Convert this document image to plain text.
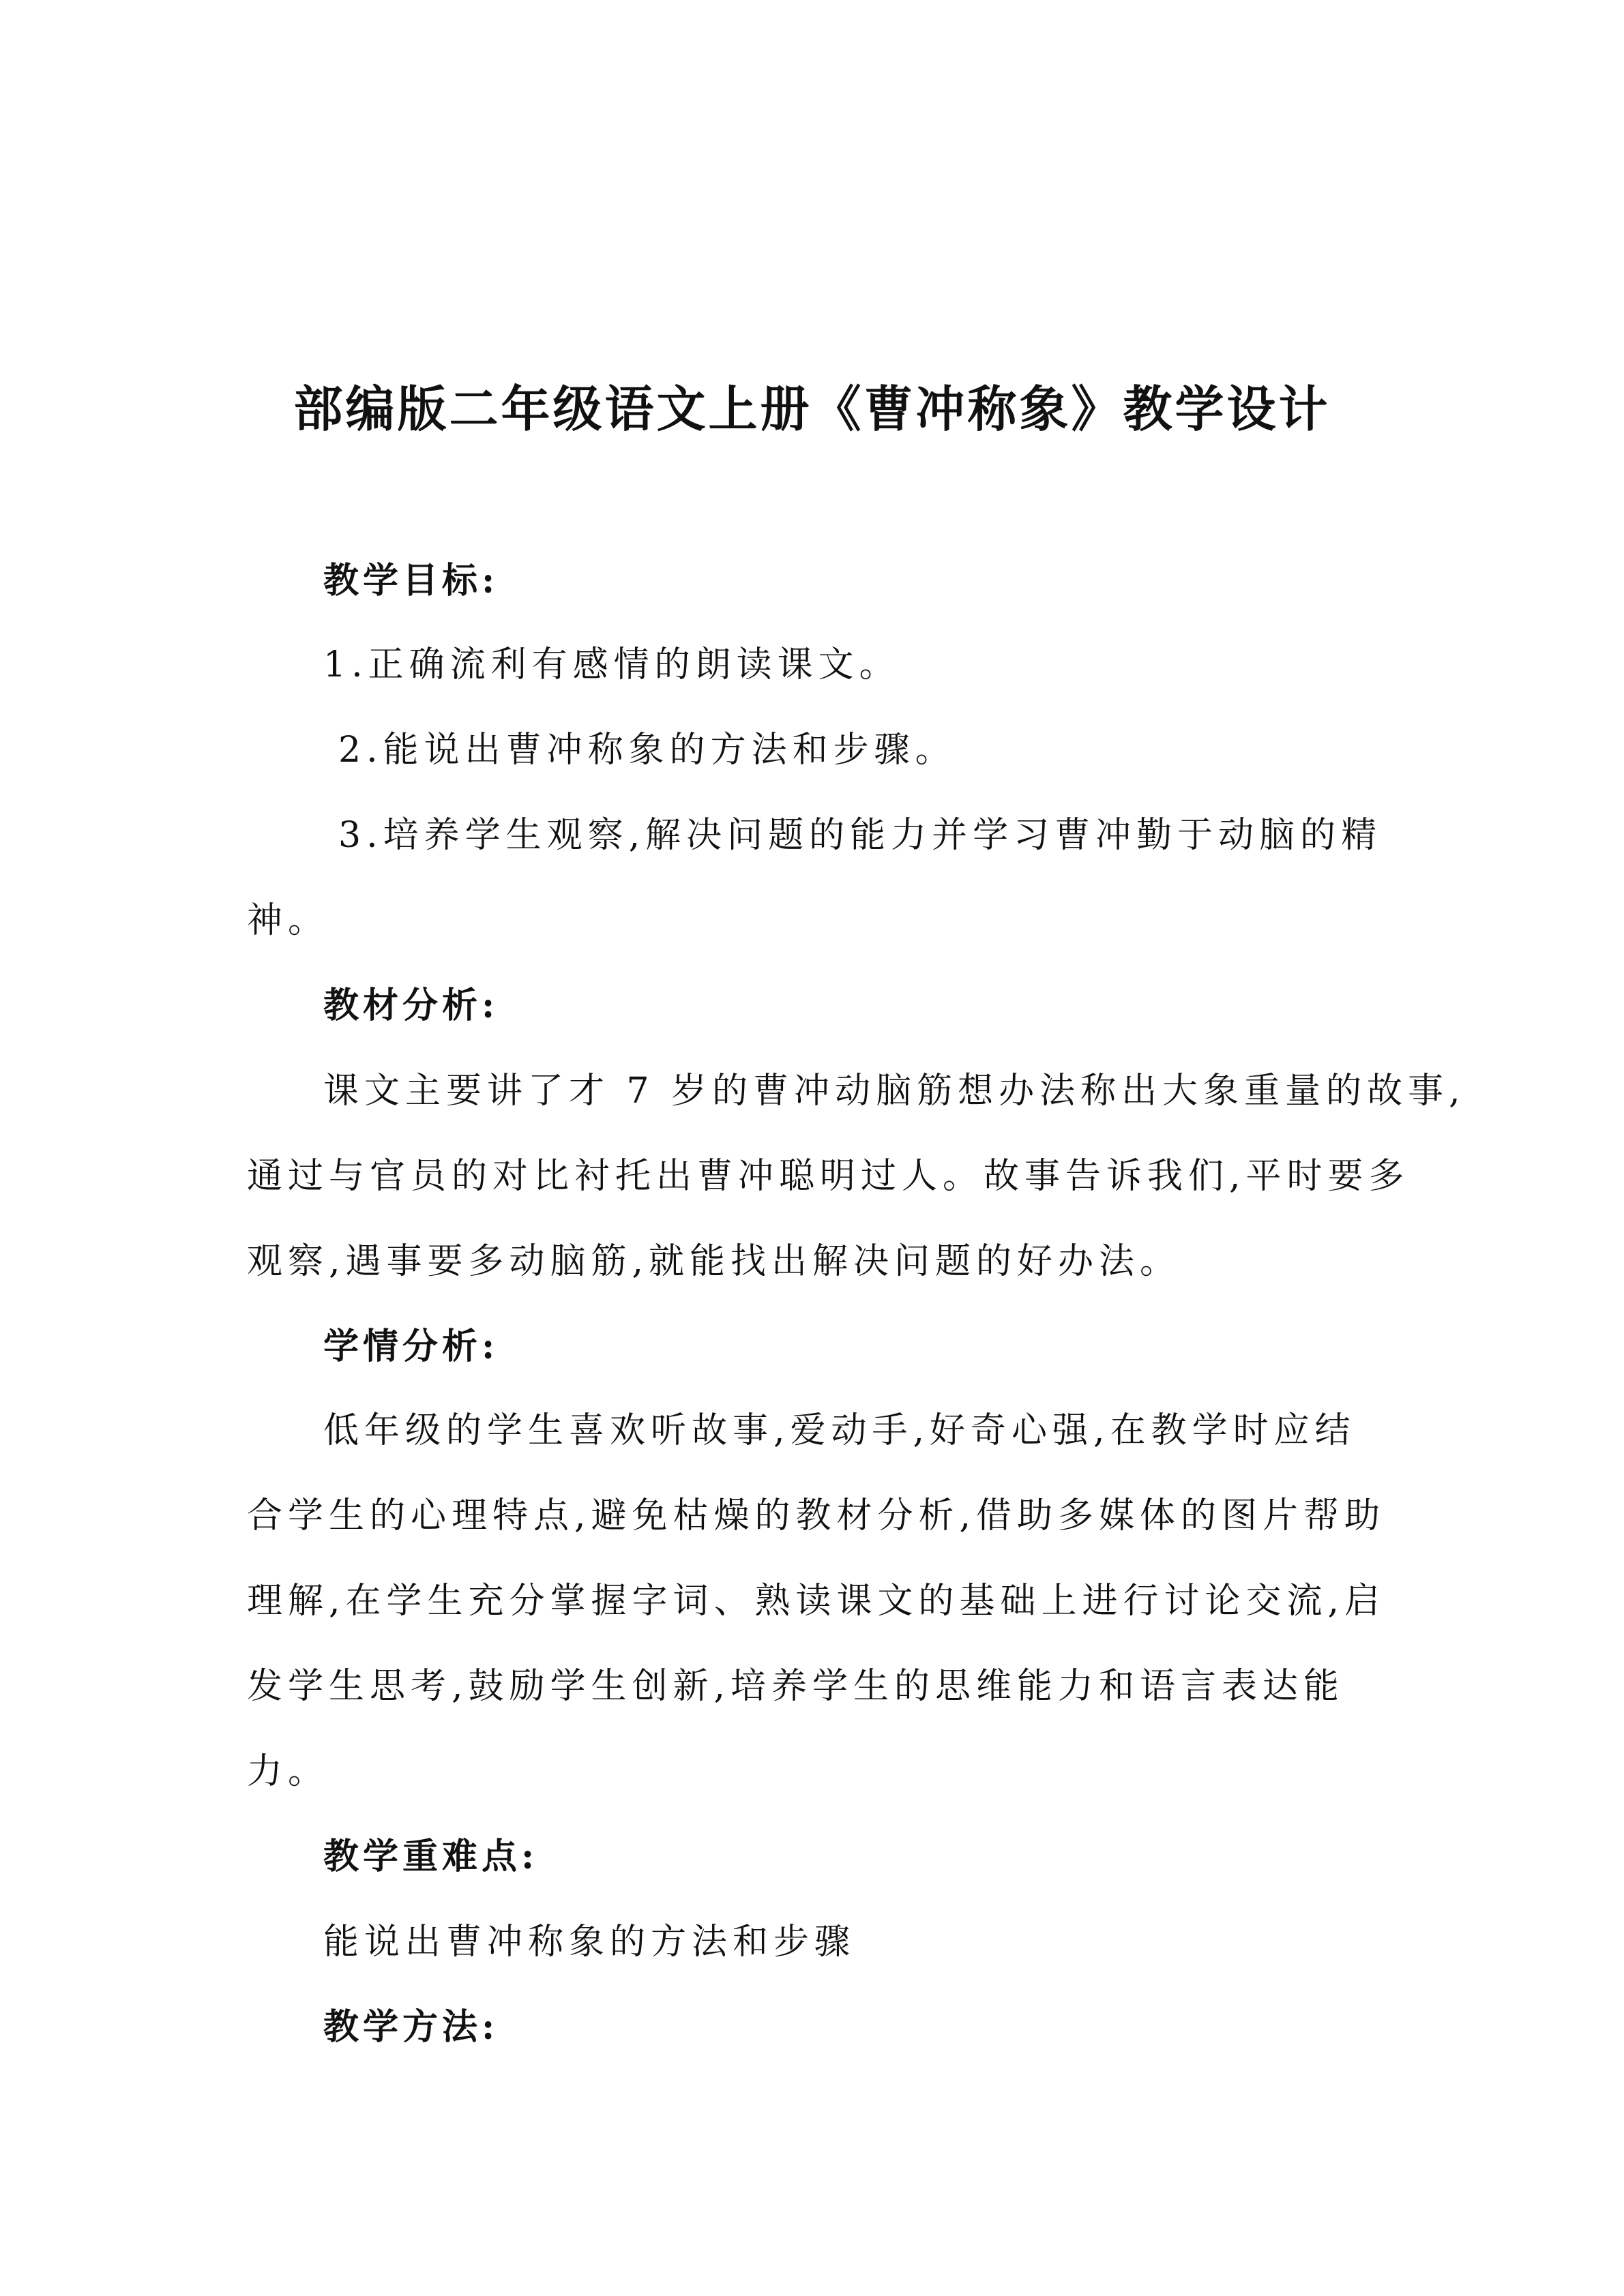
部编版二年级语文上册《曹冲称象》教学设计
教学目标:
1.正确流利有感情的朗读课文。
2.能说出曹冲称象的方法和步骤。
3.培养学生观察,解决问题的能力并学习曹冲勤于动脑的精
神。
教材分析:
课文主要讲了才 7 岁的曹冲动脑筋想办法称出大象重量的故事,
通过与官员的对比衬托出曹冲聪明过人。故事告诉我们,平时要多
观察,遇事要多动脑筋,就能找出解决问题的好办法。
学情分析:
低年级的学生喜欢听故事,爱动手,好奇心强,在教学时应结
合学生的心理特点,避免枯燥的教材分析,借助多媒体的图片帮助
理解,在学生充分掌握字词、熟读课文的基础上进行讨论交流,启
发学生思考,鼓励学生创新,培养学生的思维能力和语言表达能
力。
教学重难点:
能说出曹冲称象的方法和步骤
教学方法:
